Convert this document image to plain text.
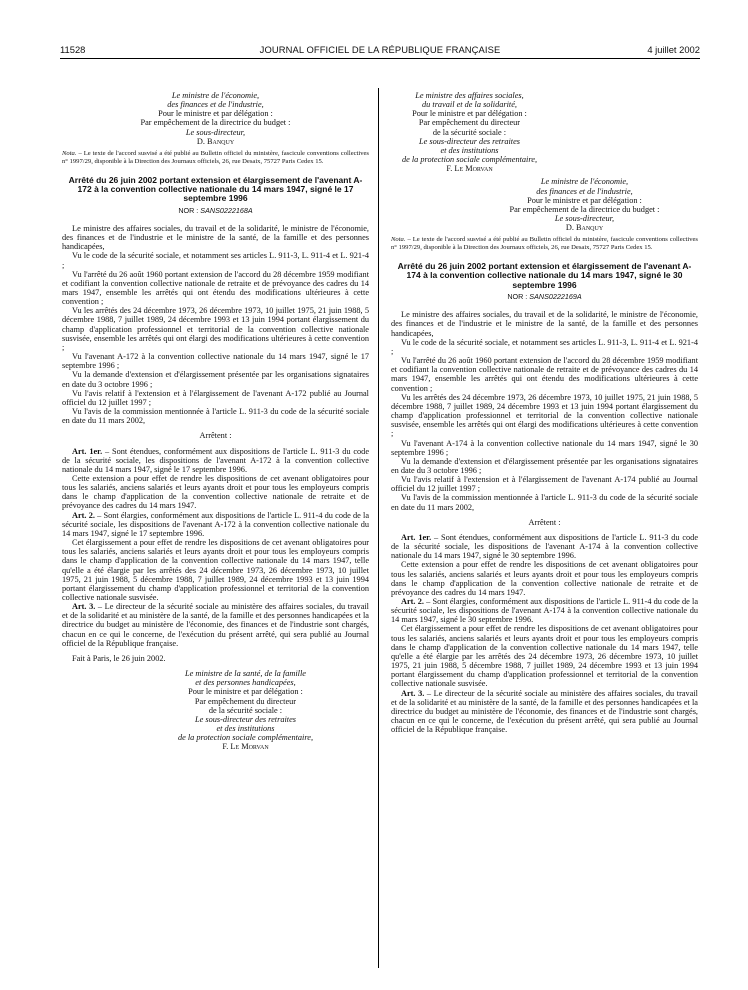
11528	JOURNAL OFFICIEL DE LA RÉPUBLIQUE FRANÇAISE	4 juillet 2002
Le ministre de l'économie,
des finances et de l'industrie,
Pour le ministre et par délégation :
Par empêchement de la directrice du budget :
Le sous-directeur,
D. Banquy
Nota. – Le texte de l'accord susvisé a été publié au Bulletin officiel du ministère, fascicule conventions collectives n° 1997/29, disponible à la Direction des Journaux officiels, 26, rue Desaix, 75727 Paris Cedex 15.
Arrêté du 26 juin 2002 portant extension et élargissement de l'avenant A-172 à la convention collective nationale du 14 mars 1947, signé le 17 septembre 1996
NOR : SANS0222168A

Le ministre des affaires sociales, du travail et de la solidarité, le ministre de l'économie, des finances et de l'industrie et le ministre de la santé, de la famille et des personnes handicapées,

Vu le code de la sécurité sociale, et notamment ses articles L. 911-3, L. 911-4 et L. 921-4 ;

Vu l'arrêté du 26 août 1960 portant extension de l'accord du 28 décembre 1959 modifiant et codifiant la convention collective nationale de retraite et de prévoyance des cadres du 14 mars 1947, ensemble les arrêtés qui ont étendu des modifications ultérieures à cette convention ;

Vu les arrêtés des 24 décembre 1973, 26 décembre 1973, 10 juillet 1975, 21 juin 1988, 5 décembre 1988, 7 juillet 1989, 24 décembre 1993 et 13 juin 1994 portant élargissement du champ d'application professionnel et territorial de la convention collective nationale susvisée, ensemble les arrêtés qui ont élargi des modifications ultérieures à cette convention ;

Vu l'avenant A-172 à la convention collective nationale du 14 mars 1947, signé le 17 septembre 1996 ;

Vu la demande d'extension et d'élargissement présentée par les organisations signataires en date du 3 octobre 1996 ;

Vu l'avis relatif à l'extension et à l'élargissement de l'avenant A-172 publié au Journal officiel du 12 juillet 1997 ;

Vu l'avis de la commission mentionnée à l'article L. 911-3 du code de la sécurité sociale en date du 11 mars 2002,

Arrêtent :

Art. 1er. – Sont étendues, conformément aux dispositions de l'article L. 911-3 du code de la sécurité sociale, les dispositions de l'avenant A-172 à la convention collective nationale du 14 mars 1947, signé le 17 septembre 1996.

Cette extension a pour effet de rendre les dispositions de cet avenant obligatoires pour tous les salariés, anciens salariés et leurs ayants droit et pour tous les employeurs compris dans le champ d'application de la convention collective nationale de retraite et de prévoyance des cadres du 14 mars 1947.

Art. 2. – Sont élargies, conformément aux dispositions de l'article L. 911-4 du code de la sécurité sociale, les dispositions de l'avenant A-172 à la convention collective nationale du 14 mars 1947, signé le 17 septembre 1996.

Cet élargissement a pour effet de rendre les dispositions de cet avenant obligatoires pour tous les salariés, anciens salariés et leurs ayants droit et pour tous les employeurs compris dans le champ d'application de la convention collective nationale du 14 mars 1947, telle qu'elle a été élargie par les arrêtés des 24 décembre 1973, 26 décembre 1973, 10 juillet 1975, 21 juin 1988, 5 décembre 1988, 7 juillet 1989, 24 décembre 1993 et 13 juin 1994 portant élargissement du champ d'application professionnel et territorial de la convention collective nationale susvisée.

Art. 3. – Le directeur de la sécurité sociale au ministère des affaires sociales, du travail et de la solidarité et au ministère de la santé, de la famille et des personnes handicapées et la directrice du budget au ministère de l'économie, des finances et de l'industrie sont chargés, chacun en ce qui le concerne, de l'exécution du présent arrêté, qui sera publié au Journal officiel de la République française.

Fait à Paris, le 26 juin 2002.

Le ministre de la santé, de la famille
et des personnes handicapées,
Pour le ministre et par délégation :
Par empêchement du directeur
de la sécurité sociale :
Le sous-directeur des retraites
et des institutions
de la protection sociale complémentaire,
F. Le Morvan
Le ministre des affaires sociales,
du travail et de la solidarité,
Pour le ministre et par délégation :
Par empêchement du directeur
de la sécurité sociale :
Le sous-directeur des retraites
et des institutions
de la protection sociale complémentaire,
F. Le Morvan
Le ministre de l'économie,
des finances et de l'industrie,
Pour le ministre et par délégation :
Par empêchement de la directrice du budget :
Le sous-directeur,
D. Banquy
Nota. – Le texte de l'accord susvisé a été publié au Bulletin officiel du ministère, fascicule conventions collectives n° 1997/29, disponible à la Direction des Journaux officiels, 26, rue Desaix, 75727 Paris Cedex 15.
Arrêté du 26 juin 2002 portant extension et élargissement de l'avenant A-174 à la convention collective nationale du 14 mars 1947, signé le 30 septembre 1996
NOR : SANS0222169A

Le ministre des affaires sociales, du travail et de la solidarité, le ministre de l'économie, des finances et de l'industrie et le ministre de la santé, de la famille et des personnes handicapées,

Vu le code de la sécurité sociale, et notamment ses articles L. 911-3, L. 911-4 et L. 921-4 ;

Vu l'arrêté du 26 août 1960 portant extension de l'accord du 28 décembre 1959 modifiant et codifiant la convention collective nationale de retraite et de prévoyance des cadres du 14 mars 1947, ensemble les arrêtés qui ont étendu des modifications ultérieures à cette convention ;

Vu les arrêtés des 24 décembre 1973, 26 décembre 1973, 10 juillet 1975, 21 juin 1988, 5 décembre 1988, 7 juillet 1989, 24 décembre 1993 et 13 juin 1994 portant élargissement du champ d'application professionnel et territorial de la convention collective nationale susvisée, ensemble les arrêtés qui ont élargi des modifications ultérieures à cette convention ;

Vu l'avenant A-174 à la convention collective nationale du 14 mars 1947, signé le 30 septembre 1996 ;

Vu la demande d'extension et d'élargissement présentée par les organisations signataires en date du 3 octobre 1996 ;

Vu l'avis relatif à l'extension et à l'élargissement de l'avenant A-174 publié au Journal officiel du 12 juillet 1997 ;

Vu l'avis de la commission mentionnée à l'article L. 911-3 du code de la sécurité sociale en date du 11 mars 2002,

Arrêtent :

Art. 1er. – Sont étendues, conformément aux dispositions de l'article L. 911-3 du code de la sécurité sociale, les dispositions de l'avenant A-174 à la convention collective nationale du 14 mars 1947, signé le 30 septembre 1996.

Cette extension a pour effet de rendre les dispositions de cet avenant obligatoires pour tous les salariés, anciens salariés et leurs ayants droit et pour tous les employeurs compris dans le champ d'application de la convention collective nationale de retraite et de prévoyance des cadres du 14 mars 1947.

Art. 2. – Sont élargies, conformément aux dispositions de l'article L. 911-4 du code de la sécurité sociale, les dispositions de l'avenant A-174 à la convention collective nationale du 14 mars 1947, signé le 30 septembre 1996.

Cet élargissement a pour effet de rendre les dispositions de cet avenant obligatoires pour tous les salariés, anciens salariés et leurs ayants droit et pour tous les employeurs compris dans le champ d'application de la convention collective nationale du 14 mars 1947, telle qu'elle a été élargie par les arrêtés des 24 décembre 1973, 26 décembre 1973, 10 juillet 1975, 21 juin 1988, 5 décembre 1988, 7 juillet 1989, 24 décembre 1993 et 13 juin 1994 portant élargissement du champ d'application professionnel et territorial de la convention collective nationale susvisée.

Art. 3. – Le directeur de la sécurité sociale au ministère des affaires sociales, du travail et de la solidarité et au ministère de la santé, de la famille et des personnes handicapées et la directrice du budget au ministère de l'économie, des finances et de l'industrie sont chargés, chacun en ce qui le concerne, de l'exécution du présent arrêté, qui sera publié au Journal officiel de la République française.
